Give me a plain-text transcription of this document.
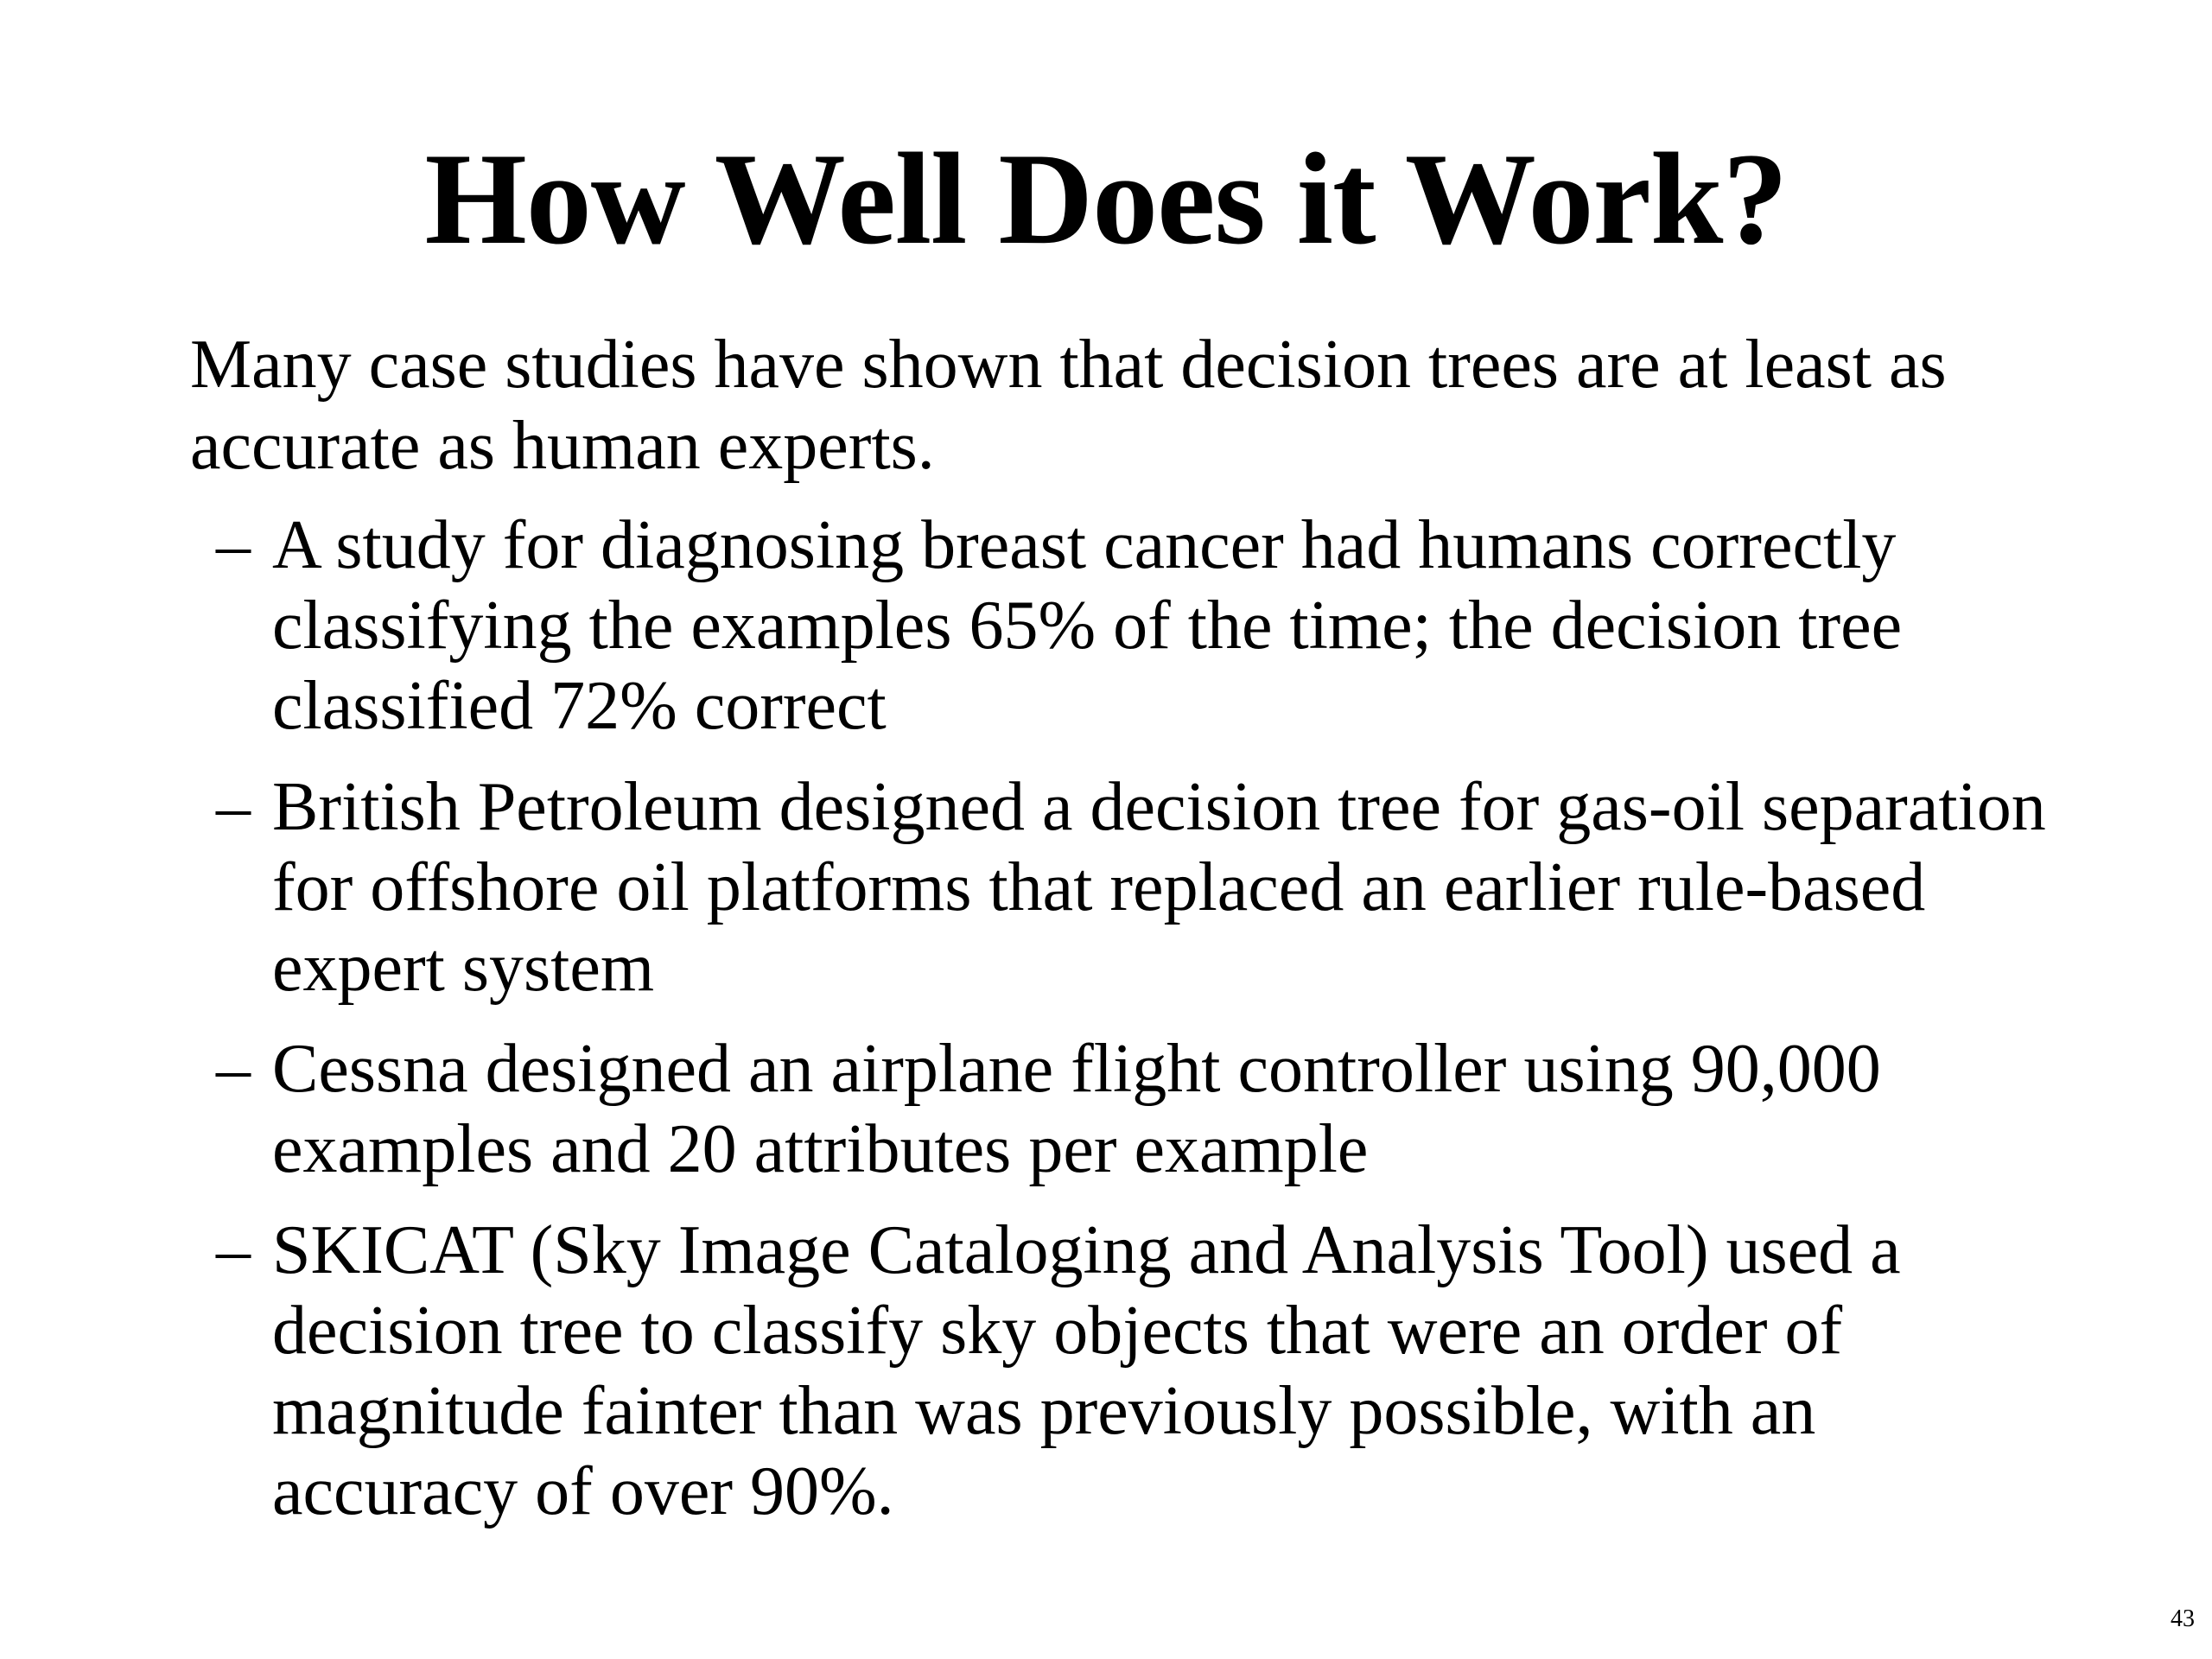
How Well Does it Work?
Many case studies have shown that decision trees are at least as accurate as human experts.
– A study for diagnosing breast cancer had humans correctly classifying the examples 65% of the time; the decision tree classified 72% correct
– British Petroleum designed a decision tree for gas-oil separation for offshore oil platforms that replaced an earlier rule-based expert system
– Cessna designed an airplane flight controller using 90,000 examples and 20 attributes per example
– SKICAT (Sky Image Cataloging and Analysis Tool) used a decision tree to classify sky objects that were an order of magnitude fainter than was previously possible, with an accuracy of over 90%.
43
